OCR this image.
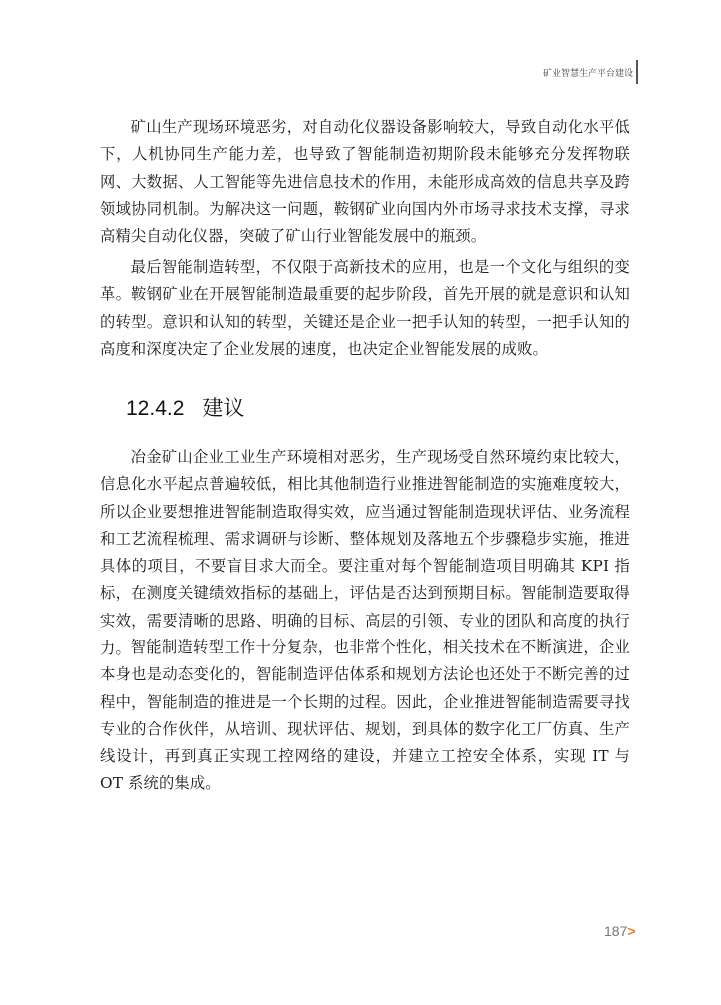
矿业智慧生产平台建设

矿山生产现场环境恶劣，对自动化仪器设备影响较大，导致自动化水平低下，人机协同生产能力差，也导致了智能制造初期阶段未能够充分发挥物联网、大数据、人工智能等先进信息技术的作用，未能形成高效的信息共享及跨领域协同机制。为解决这一问题，鞍钢矿业向国内外市场寻求技术支撑，寻求高精尖自动化仪器，突破了矿山行业智能发展中的瓶颈。

最后智能制造转型，不仅限于高新技术的应用，也是一个文化与组织的变革。鞍钢矿业在开展智能制造最重要的起步阶段，首先开展的就是意识和认知的转型。意识和认知的转型，关键还是企业一把手认知的转型，一把手认知的高度和深度决定了企业发展的速度，也决定企业智能发展的成败。

12.4.2 建议

冶金矿山企业工业生产环境相对恶劣，生产现场受自然环境约束比较大，信息化水平起点普遍较低，相比其他制造行业推进智能制造的实施难度较大，所以企业要想推进智能制造取得实效，应当通过智能制造现状评估、业务流程和工艺流程梳理、需求调研与诊断、整体规划及落地五个步骤稳步实施，推进具体的项目，不要盲目求大而全。要注重对每个智能制造项目明确其 KPI 指标，在测度关键绩效指标的基础上，评估是否达到预期目标。智能制造要取得实效，需要清晰的思路、明确的目标、高层的引领、专业的团队和高度的执行力。 智能制造转型工作十分复杂，也非常个性化，相关技术在不断演进，企业本身也是动态变化的，智能制造评估体系和规划方法论也还处于不断完善的过程中，智能制造的推进是一个长期的过程。因此，企业推进智能制造需要寻找专业的合作伙伴，从培训、现状评估、规划，到具体的数字化工厂仿真、生产线设计，再到真正实现工控网络的建设，并建立工控安全体系，实现 IT 与 OT 系统的集成。

187>
